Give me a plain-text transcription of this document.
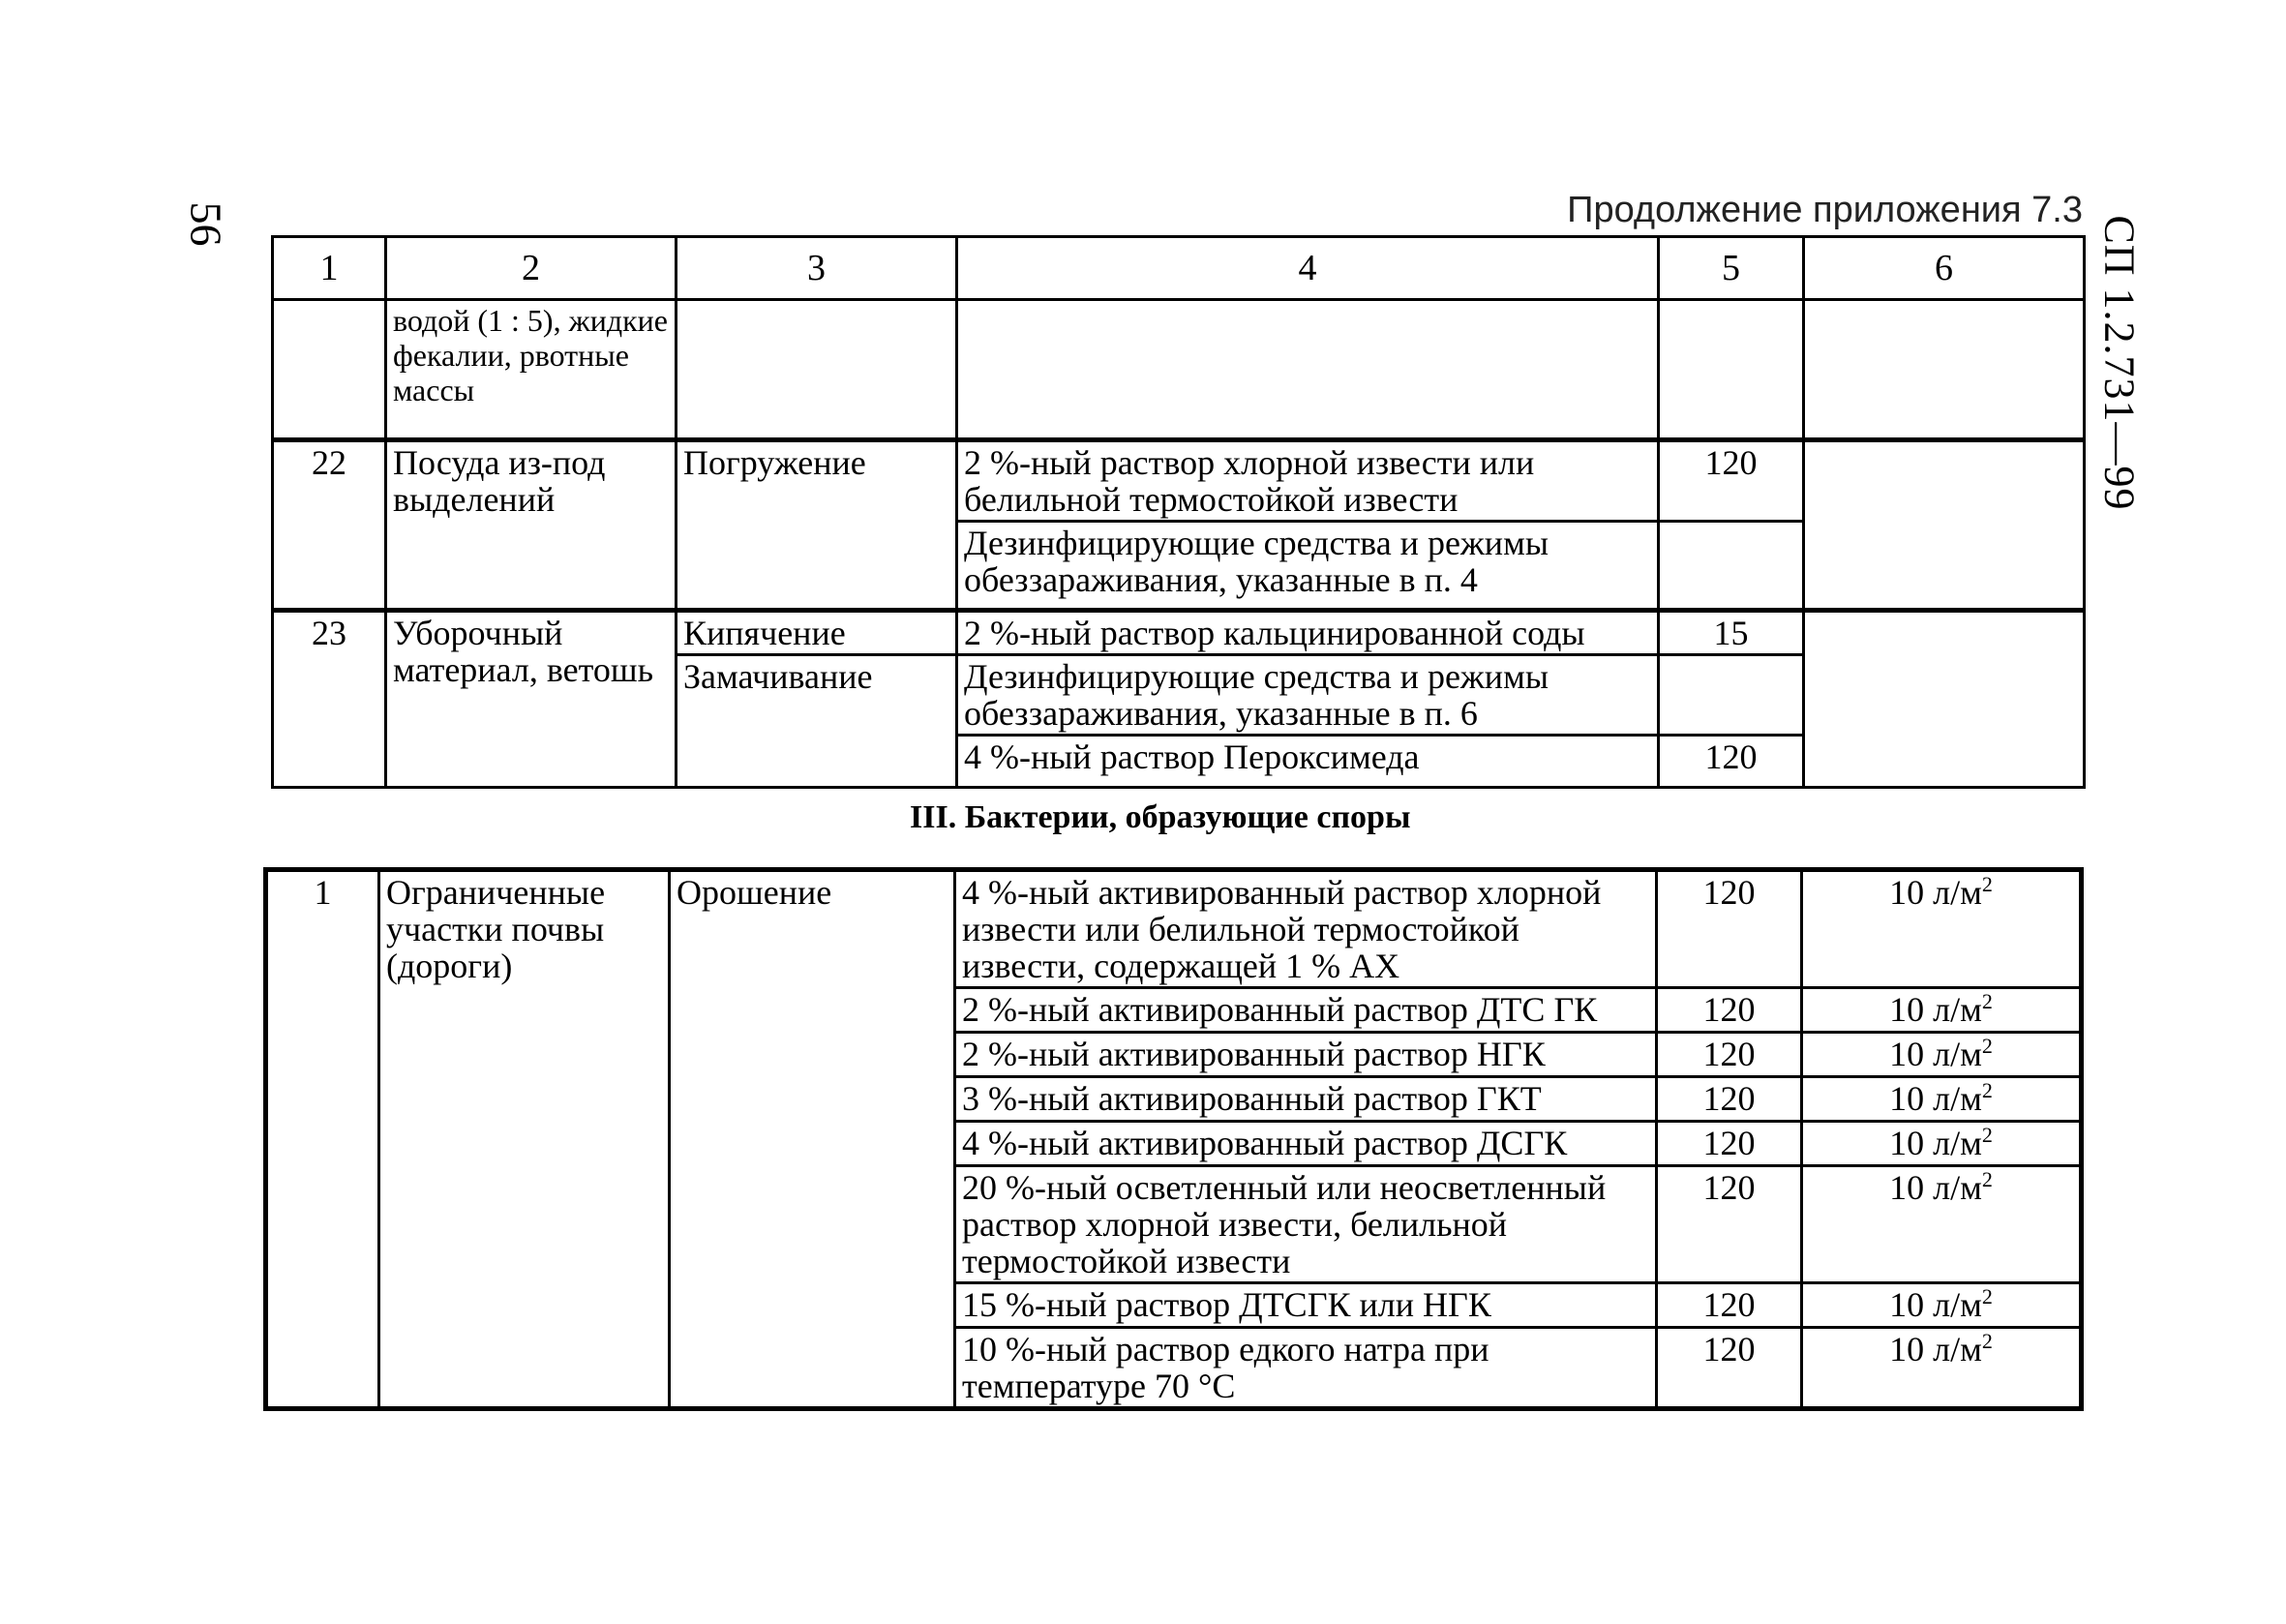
56	СП 1.2.731—99
Продолжение приложения 7.3
1	2	3	4	5	6
	водой (1 : 5), жидкие фекалии, рвотные массы				
22	Посуда из-под выделений	Погружение	2 %-ный раствор хлорной извести или белильной термостойкой извести	120	
			Дезинфицирующие средства и режимы обеззараживания, указанные в п. 4		
23	Уборочный материал, ветошь	Кипячение	2 %-ный раствор кальцинированной соды	15	
		Замачивание	Дезинфицирующие средства и режимы обеззараживания, указанные в п. 6		
			4 %-ный раствор Пероксимеда	120	
III. Бактерии, образующие споры
1	Ограниченные участки почвы (дороги)	Орошение	4 %-ный активированный раствор хлорной извести или белильной термостойкой извести, содержащей 1 % АХ	120	10 $л/м^2$
			2 %-ный активированный раствор ДТС ГК	120	10 $л/м^2$
			2 %-ный активированный раствор НГК	120	10 $л/м^2$
			3 %-ный активированный раствор ГКТ	120	10 $л/м^2$
			4 %-ный активированный раствор ДСГК	120	10 $л/м^2$
			20 %-ный осветленный или неосветленный раствор хлорной извести, белильной термостойкой извести	120	10 $л/м^2$
			15 %-ный раствор ДТСГК или НГК	120	10 $л/м^2$
			10 %-ный раствор едкого натра при температуре 70 °С	120	10 $л/м^2$
